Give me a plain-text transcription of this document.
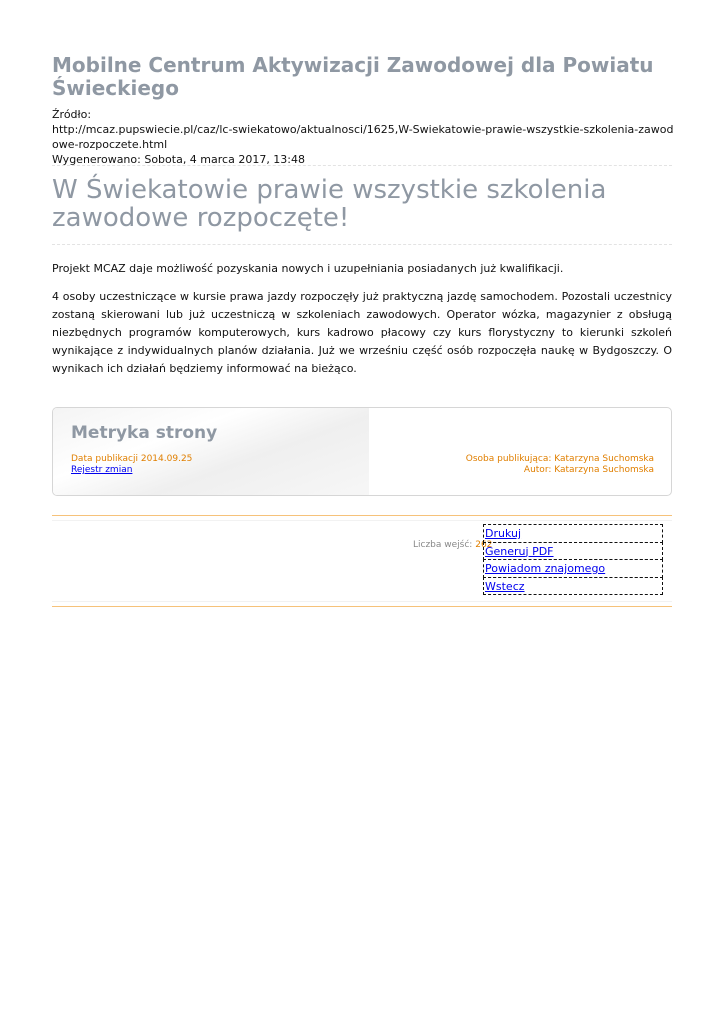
Mobilne Centrum Aktywizacji Zawodowej dla Powiatu Świeckiego
Źródło:
http://mcaz.pupswiecie.pl/caz/lc-swiekatowo/aktualnosci/1625,W-Swiekatowie-prawie-wszystkie-szkolenia-zawodowe-rozpoczete.html
Wygenerowano: Sobota, 4 marca 2017, 13:48
W Świekatowie prawie wszystkie szkolenia zawodowe rozpoczęte!

Projekt MCAZ daje możliwość pozyskania nowych i uzupełniania posiadanych już kwalifikacji.

4 osoby uczestniczące w kursie prawa jazdy rozpoczęły już praktyczną jazdę samochodem. Pozostali uczestnicy zostaną skierowani lub już uczestniczą w szkoleniach zawodowych. Operator wózka, magazynier z obsługą niezbędnych programów komputerowych, kurs kadrowo płacowy czy kurs florystyczny to kierunki szkoleń wynikające z indywidualnych planów działania. Już we wrześniu część osób rozpoczęła naukę w Bydgoszczy. O wynikach ich działań będziemy informować na bieżąco.

Metryka strony
Data publikacji 2014.09.25
Rejestr zmian
Osoba publikująca: Katarzyna Suchomska
Autor: Katarzyna Suchomska
Liczba wejść: 262
Drukuj
Generuj PDF
Powiadom znajomego
Wstecz
